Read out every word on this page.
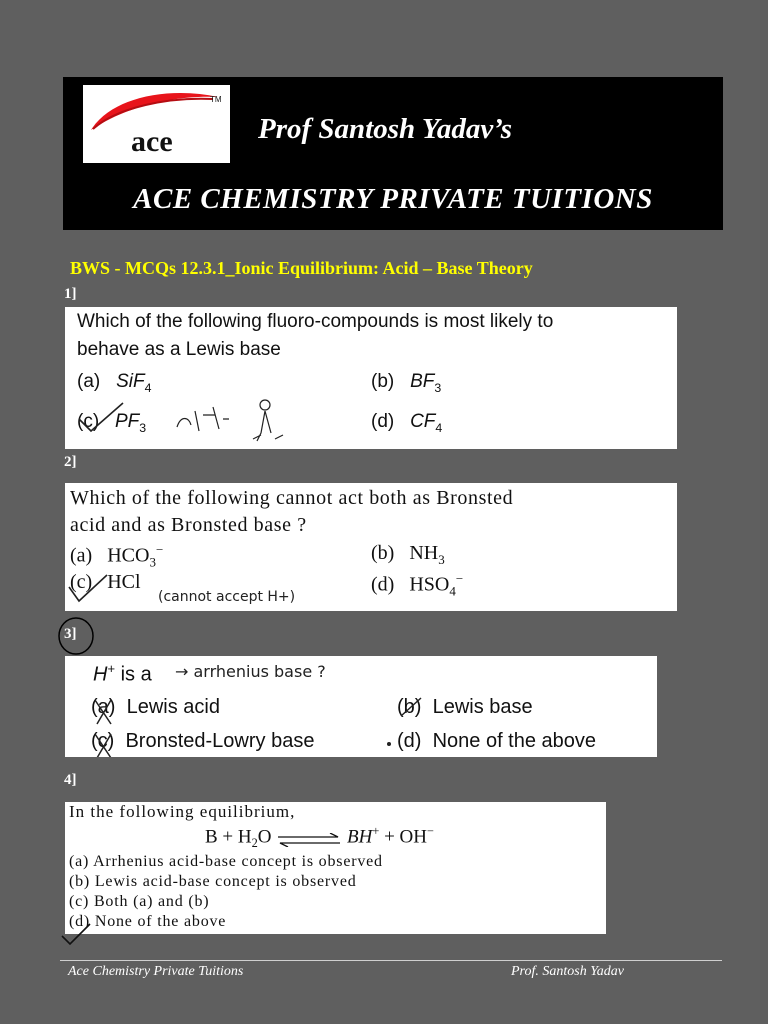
ace
TM
Prof Santosh Yadav’s
ACE CHEMISTRY PRIVATE TUITIONS
BWS - MCQs 12.3.1_Ionic Equilibrium: Acid – Base Theory
1]
Which of the following fluoro-compounds is most likely to
behave as a Lewis base
(a) SiF$_4$	(b) $BF_3$
(c) $PF_3$	(d) $CF_4$
2]
Which of the following cannot act both as Bronsted
acid and as Bronsted base ?
(a) $HCO_3^-$	(b) $NH_3$
(c) HCl	(d) $HSO_4^-$
(cannot accept H+)
3]
H+ is a → arrhenius base ?
(a) Lewis acid	(b) Lewis base
(c) Bronsted-Lowry base	(d) None of the above
4]
In the following equilibrium,
$B + H_2O$ ⇌ BH+ + OH−
(a) Arrhenius acid-base concept is observed
(b) Lewis acid-base concept is observed
(c) Both (a) and (b)
(d) None of the above
Ace Chemistry Private Tuitions	Prof. Santosh Yadav
